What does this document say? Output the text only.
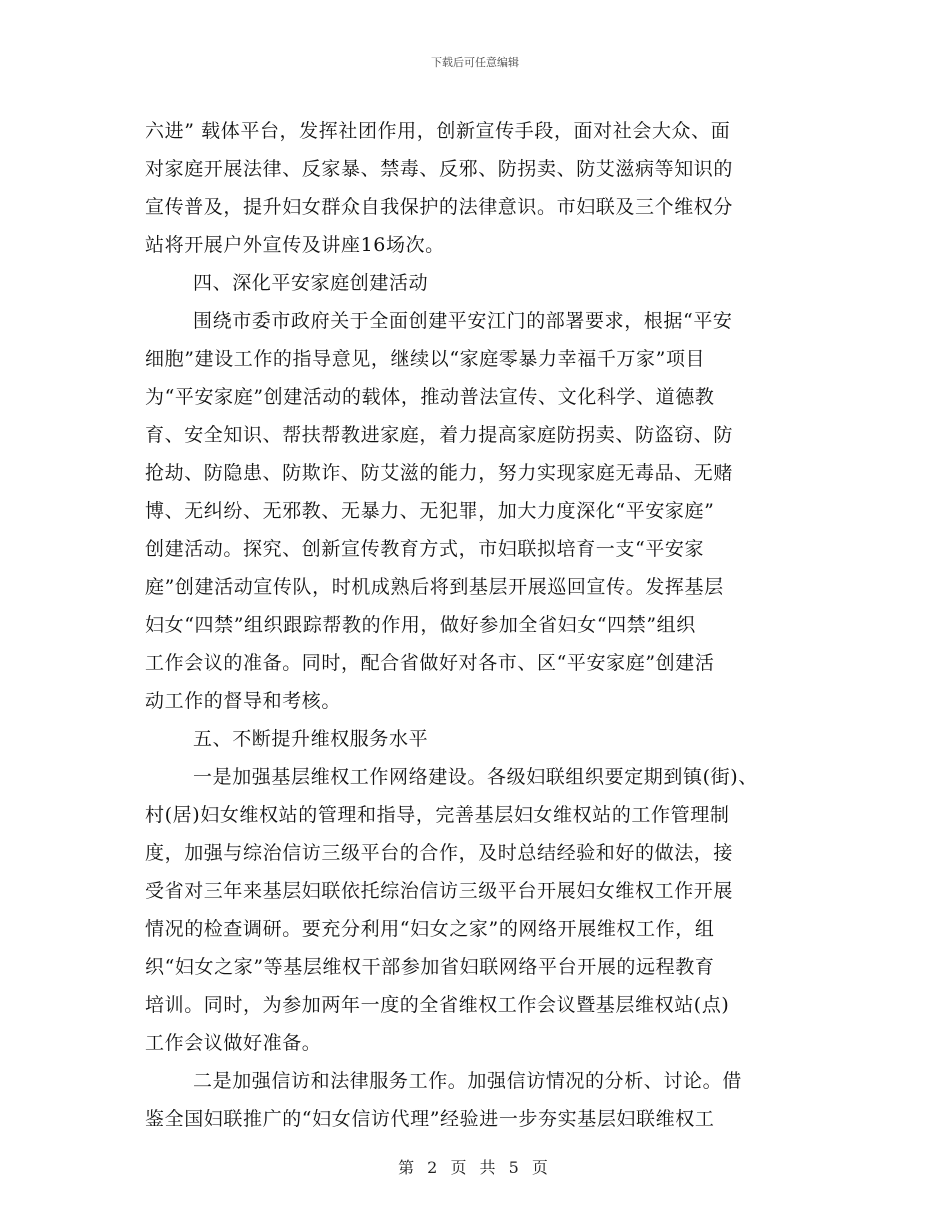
下载后可任意编辑
六进” 载体平台，发挥社团作用，创新宣传手段，面对社会大众、面
对家庭开展法律、反家暴、禁毒、反邪、防拐卖、防艾滋病等知识的
宣传普及，提升妇女群众自我保护的法律意识。市妇联及三个维权分
站将开展户外宣传及讲座16场次。
四、深化平安家庭创建活动
围绕市委市政府关于全面创建平安江门的部署要求，根据“平安
细胞”建设工作的指导意见，继续以“家庭零暴力幸福千万家”项目
为“平安家庭”创建活动的载体，推动普法宣传、文化科学、道德教
育、安全知识、帮扶帮教进家庭，着力提高家庭防拐卖、防盗窃、防
抢劫、防隐患、防欺诈、防艾滋的能力，努力实现家庭无毒品、无赌
博、无纠纷、无邪教、无暴力、无犯罪，加大力度深化“平安家庭”
创建活动。探究、创新宣传教育方式，市妇联拟培育一支“平安家
庭”创建活动宣传队，时机成熟后将到基层开展巡回宣传。发挥基层
妇女“四禁”组织跟踪帮教的作用，做好参加全省妇女“四禁”组织
工作会议的准备。同时，配合省做好对各市、区“平安家庭”创建活
动工作的督导和考核。
五、不断提升维权服务水平
一是加强基层维权工作网络建设。各级妇联组织要定期到镇(街)、
村(居)妇女维权站的管理和指导，完善基层妇女维权站的工作管理制
度，加强与综治信访三级平台的合作，及时总结经验和好的做法，接
受省对三年来基层妇联依托综治信访三级平台开展妇女维权工作开展
情况的检查调研。要充分利用“妇女之家”的网络开展维权工作，组
织“妇女之家”等基层维权干部参加省妇联网络平台开展的远程教育
培训。同时，为参加两年一度的全省维权工作会议暨基层维权站(点)
工作会议做好准备。
二是加强信访和法律服务工作。加强信访情况的分析、讨论。借
鉴全国妇联推广的“妇女信访代理”经验进一步夯实基层妇联维权工
第 2 页 共 5 页
